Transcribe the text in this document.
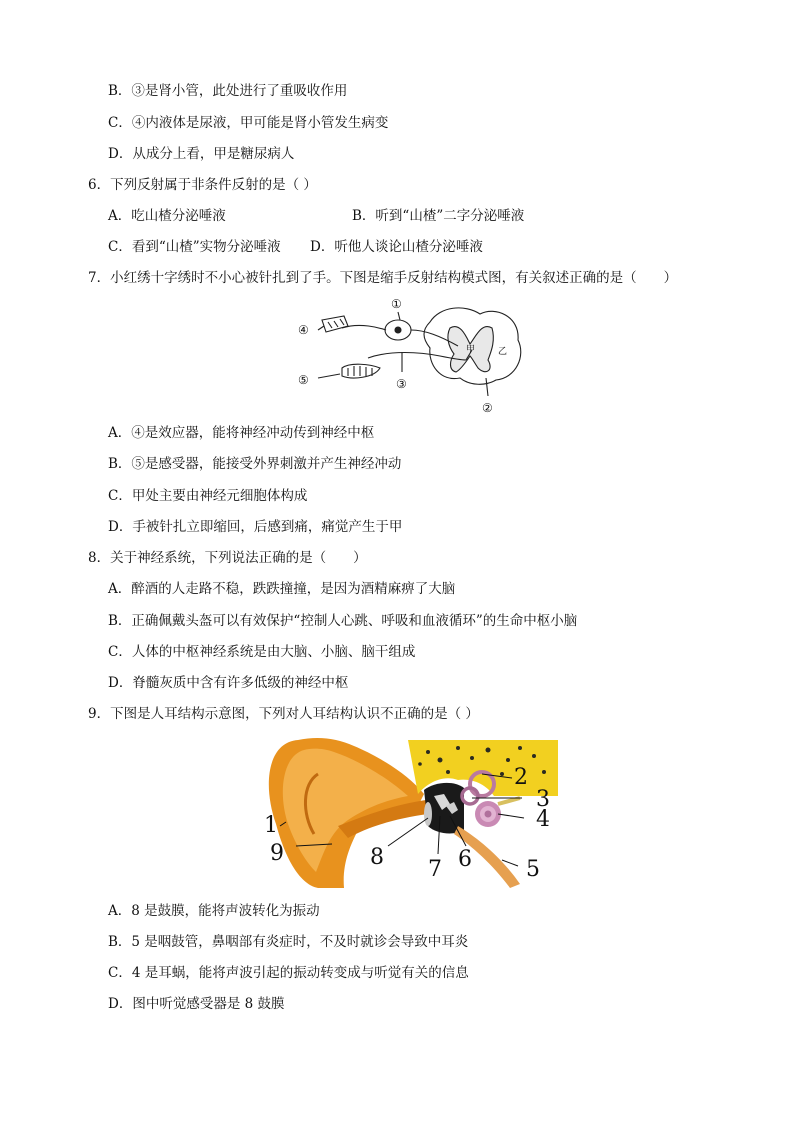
B．③是肾小管，此处进行了重吸收作用
C．④内液体是尿液，甲可能是肾小管发生病变
D．从成分上看，甲是糖尿病人
6．下列反射属于非条件反射的是（ ）
A．吃山楂分泌唾液	B．听到“山楂”二字分泌唾液
C．看到“山楂”实物分泌唾液 D．听他人谈论山楂分泌唾液
7．小红绣十字绣时不小心被针扎到了手。下图是缩手反射结构模式图，有关叙述正确的是（　　）
①
②
③
④
⑤
甲	乙
A．④是效应器，能将神经冲动传到神经中枢
B．⑤是感受器，能接受外界刺激并产生神经冲动
C．甲处主要由神经元细胞体构成
D．手被针扎立即缩回，后感到痛，痛觉产生于甲
8．关于神经系统，下列说法正确的是（　　）
A．醉酒的人走路不稳，跌跌撞撞，是因为酒精麻痹了大脑
B．正确佩戴头盔可以有效保护“控制人心跳、呼吸和血液循环”的生命中枢小脑
C．人体的中枢神经系统是由大脑、小脑、脑干组成
D．脊髓灰质中含有许多低级的神经中枢
9．下图是人耳结构示意图，下列对人耳结构认识不正确的是（ ）
1
2
3
4
5
6
7
8
9
A．8 是鼓膜，能将声波转化为振动
B．5 是咽鼓管，鼻咽部有炎症时，不及时就诊会导致中耳炎
C．4 是耳蜗，能将声波引起的振动转变成与听觉有关的信息
D．图中听觉感受器是 8 鼓膜
